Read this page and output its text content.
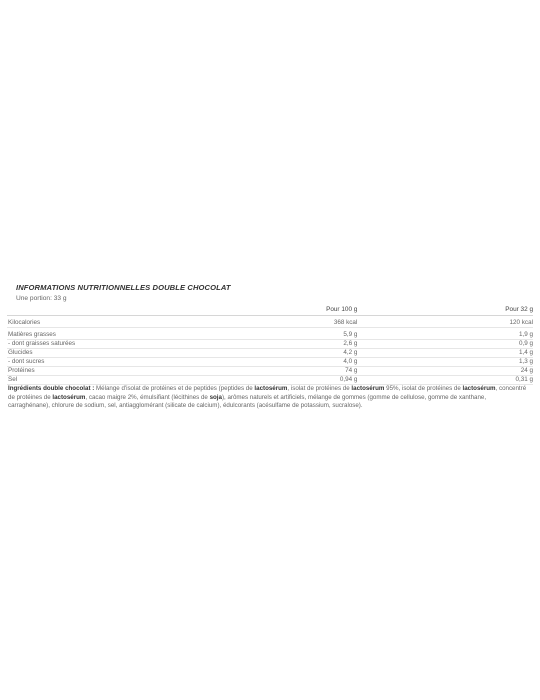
INFORMATIONS NUTRITIONNELLES DOUBLE CHOCOLAT
Une portion: 33 g
	Pour 100 g	Pour 32 g

Kilocalories	368 kcal	120 kcal

Matières grasses	5,9 g	1,9 g
- dont graisses saturées	2,6 g	0,9 g
Glucides	4,2 g	1,4 g
- dont sucres	4,0 g	1,3 g
Protéines	74 g	24 g
Sel	0,94 g	0,31 g
Ingrédients double chocolat : Mélange d'isolat de protéines et de peptides (peptides de lactosérum, isolat de protéines de lactosérum 95%, isolat de protéines de lactosérum, concentré de protéines de lactosérum, cacao maigre 2%, émulsifiant (lécithines de soja), arômes naturels et artificiels, mélange de gommes (gomme de cellulose, gomme de xanthane, carraghénane), chlorure de sodium, sel, antiagglomérant (silicate de calcium), édulcorants (acésulfame de potassium, sucralose).
